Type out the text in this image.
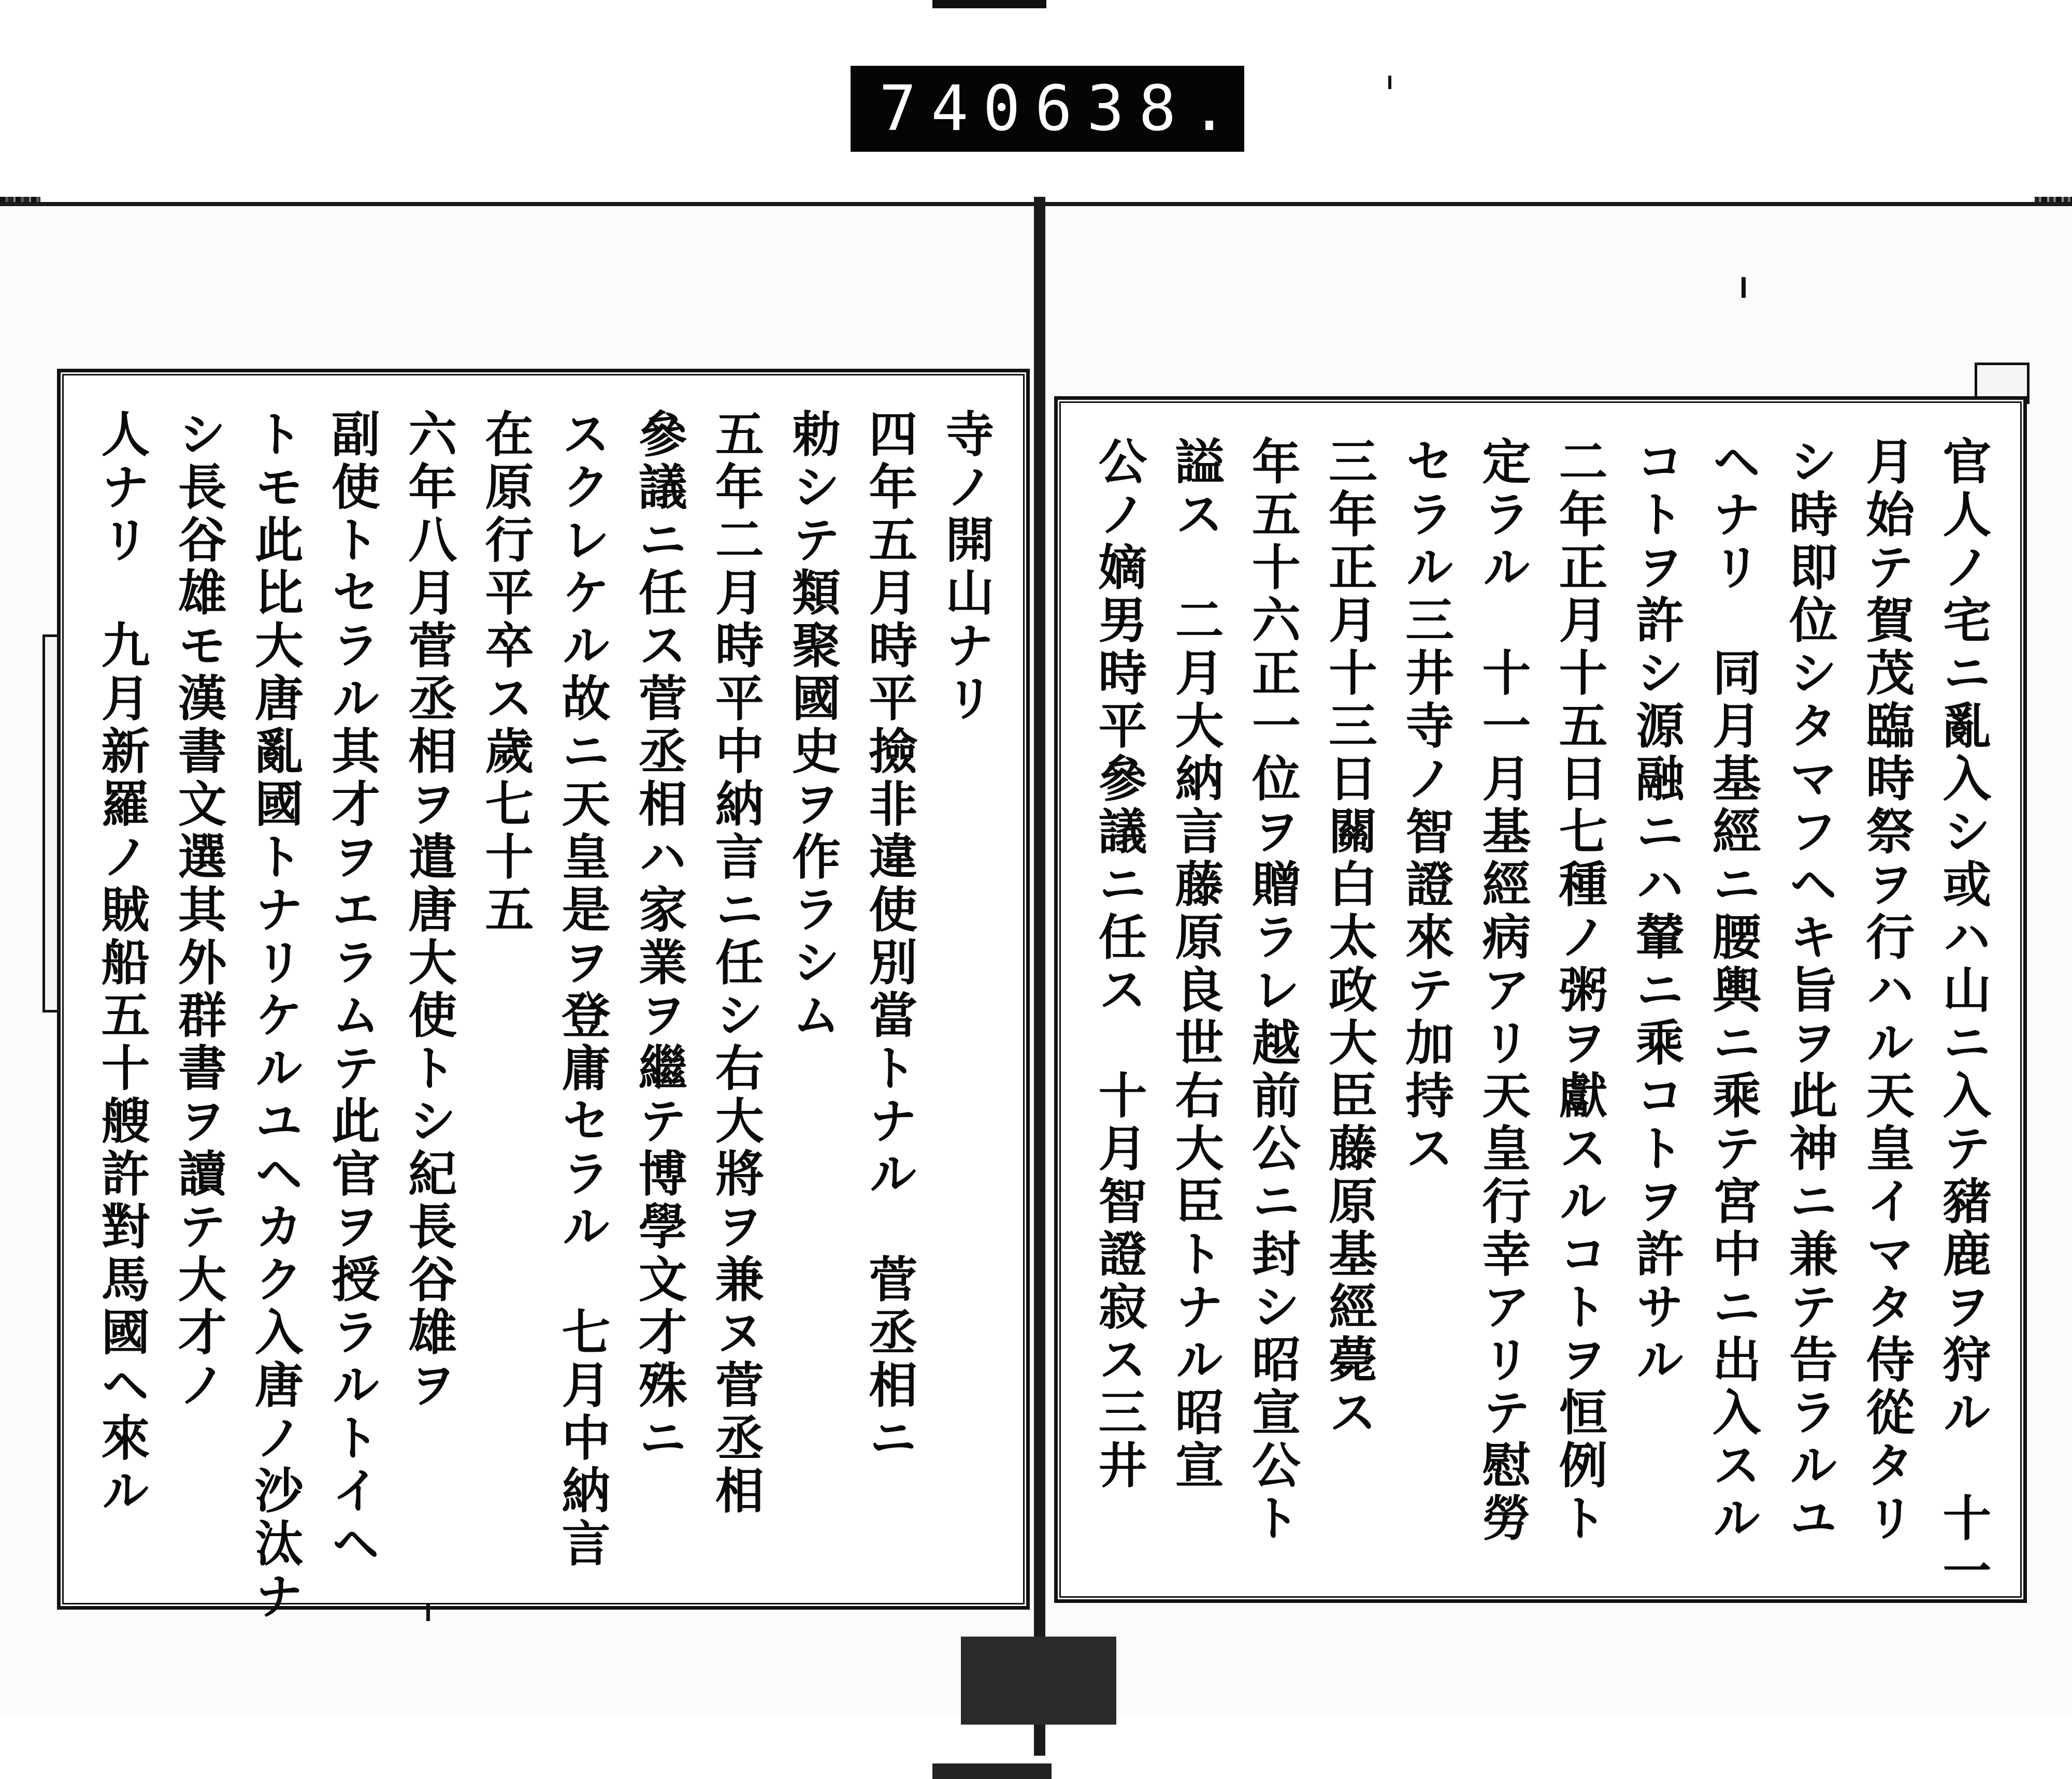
740 638.
寺ノ開山ナリ
四年五月時平撿非違使別當トナル　菅丞相ニ
勅シテ類聚國史ヲ作ラシム
五年二月時平中納言ニ任シ右大將ヲ兼ヌ菅丞相
參議ニ任ス菅丞相ハ家業ヲ繼テ博學文才殊ニ
スクレケル故ニ天皇是ヲ登庸セラル　七月中納言
在原行平卒ス歲七十五
六年八月菅丞相ヲ遣唐大使トシ紀長谷雄ヲ
副使トセラル其才ヲエラムテ此官ヲ授ラルトイヘ
トモ此比大唐亂國トナリケルユヘカク入唐ノ沙汰ナ
シ長谷雄モ漢書文選其外群書ヲ讀テ大才ノ
人ナリ　九月新羅ノ賊船五十艘許對馬國ヘ來ル	官人ノ宅ニ亂入シ或ハ山ニ入テ豬鹿ヲ狩ル　十一
月始テ賀茂臨時祭ヲ行ハル天皇イマタ侍從タリ
シ時即位シタマフヘキ旨ヲ此神ニ兼テ告ラルユ
ヘナリ　同月基經ニ腰輿ニ乘テ宮中ニ出入スル
コトヲ許シ源融ニハ輦ニ乘コトヲ許サル
二年正月十五日七種ノ粥ヲ獻スルコトヲ恒例ト
定ラル　十一月基經病アリ天皇行幸アリテ慰勞
セラル三井寺ノ智證來テ加持ス
三年正月十三日關白太政大臣藤原基經薨ス
年五十六正一位ヲ贈ラレ越前公ニ封シ昭宣公ト
謚ス　二月大納言藤原良世右大臣トナル昭宣
公ノ嫡男時平參議ニ任ス　十月智證寂ス三井
